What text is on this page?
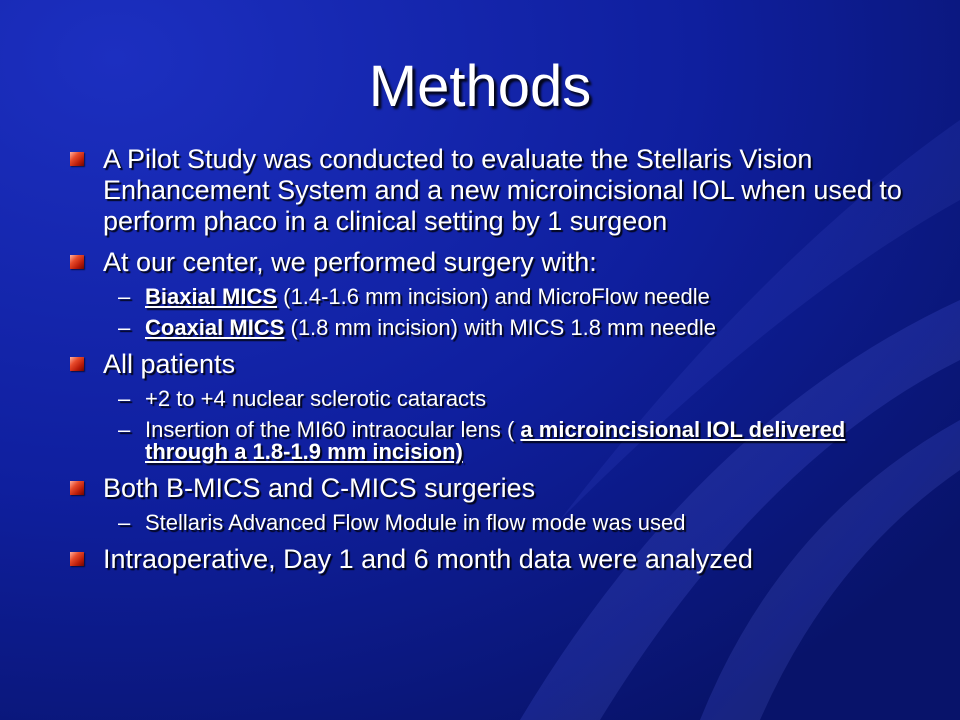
Methods
A Pilot Study was conducted to evaluate the Stellaris Vision Enhancement System and a new microincisional IOL when used to perform phaco in a clinical setting by 1 surgeon
At our center, we performed surgery with:
– Biaxial MICS (1.4-1.6 mm incision) and MicroFlow needle
– Coaxial MICS (1.8 mm incision) with MICS 1.8 mm needle
All patients
– +2 to +4 nuclear sclerotic cataracts
– Insertion of the MI60 intraocular lens ( a microincisional IOL delivered through a 1.8-1.9 mm incision)
Both B-MICS and C-MICS surgeries
– Stellaris Advanced Flow Module in flow mode was used
Intraoperative, Day 1 and 6 month data were analyzed
